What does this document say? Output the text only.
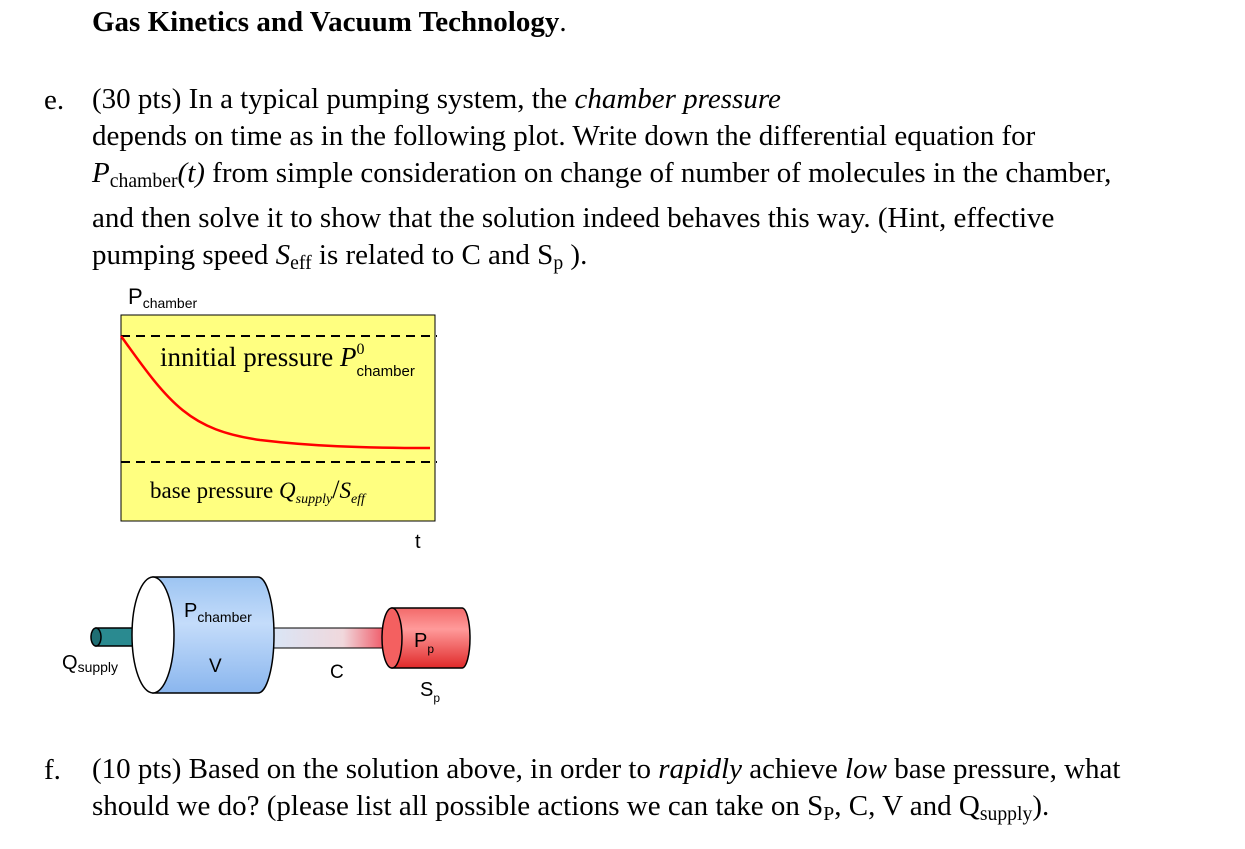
Gas Kinetics and Vacuum Technology.
e. (30 pts) In a typical pumping system, the chamber pressure
depends on time as in the following plot. Write down the differential equation for
$P_{chamber}(t)$ from simple consideration on change of number of molecules in the chamber,
and then solve it to show that the solution indeed behaves this way. (Hint, effective
pumping speed $S_{eff}$ is related to C and $S_p$ ).
Pchamber
innitial pressure $P^0$ chamber
base pressure $Q_{supply}/S_{eff}$
t
Qsupply
$P_{chamber}$
V	C
$P_p$
$S_p$
f. (10 pts) Based on the solution above, in order to rapidly achieve low base pressure, what
should we do? (please list all possible actions we can take on $S_P$, C, V and $Q_{supply}$).
